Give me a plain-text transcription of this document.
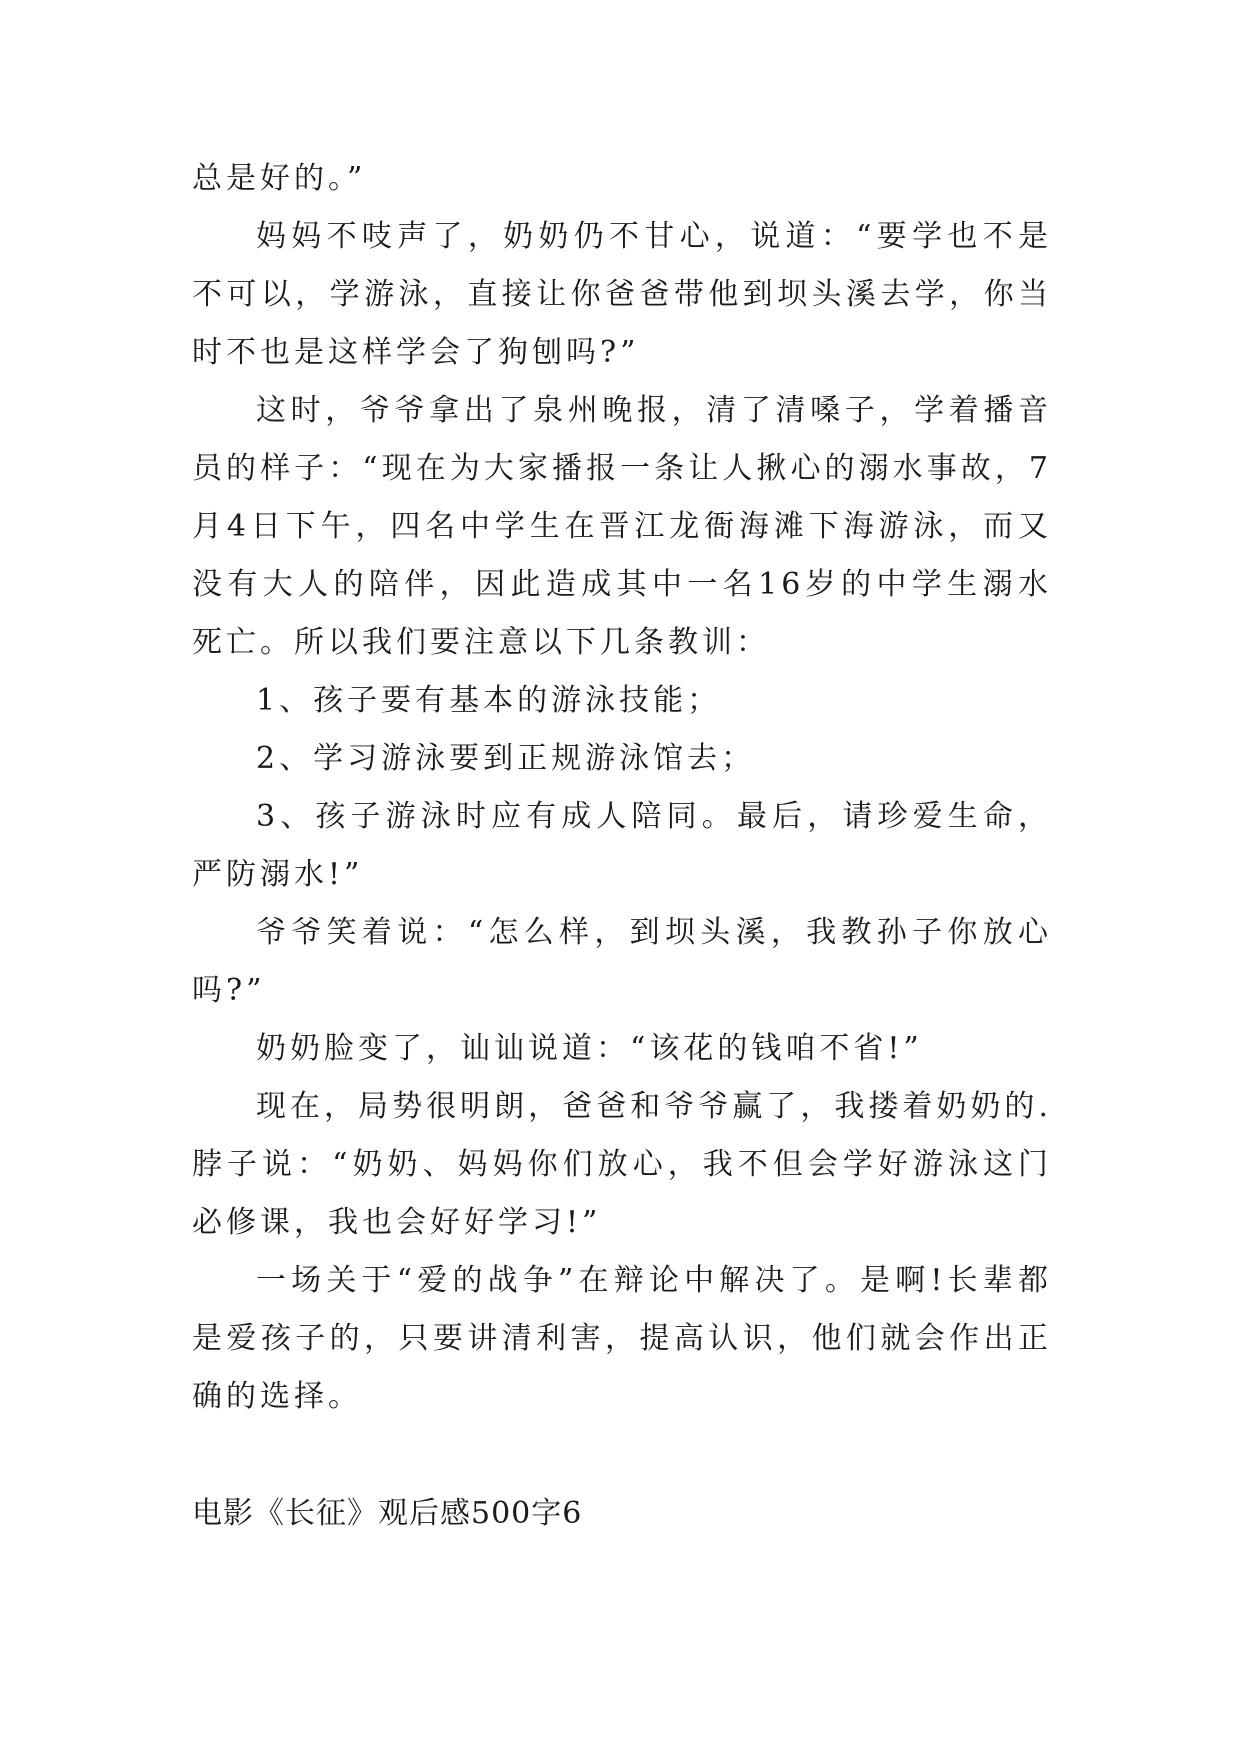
总是好的。”

妈妈不吱声了，奶奶仍不甘心，说道：“要学也不是不可以，学游泳，直接让你爸爸带他到坝头溪去学，你当时不也是这样学会了狗刨吗?”

这时，爷爷拿出了泉州晚报，清了清嗓子，学着播音员的样子：“现在为大家播报一条让人揪心的溺水事故，7月4日下午，四名中学生在晋江龙衙海滩下海游泳，而又没有大人的陪伴，因此造成其中一名16岁的中学生溺水死亡。所以我们要注意以下几条教训：

1、孩子要有基本的游泳技能；

2、学习游泳要到正规游泳馆去；

3、孩子游泳时应有成人陪同。最后，请珍爱生命，严防溺水!”

爷爷笑着说：“怎么样，到坝头溪，我教孙子你放心吗?”

奶奶脸变了，讪讪说道：“该花的钱咱不省!”

现在，局势很明朗，爸爸和爷爷赢了，我搂着奶奶的.脖子说：“奶奶、妈妈你们放心，我不但会学好游泳这门必修课，我也会好好学习!”

一场关于“爱的战争”在辩论中解决了。是啊!长辈都是爱孩子的，只要讲清利害，提高认识，他们就会作出正确的选择。

电影《长征》观后感500字6
